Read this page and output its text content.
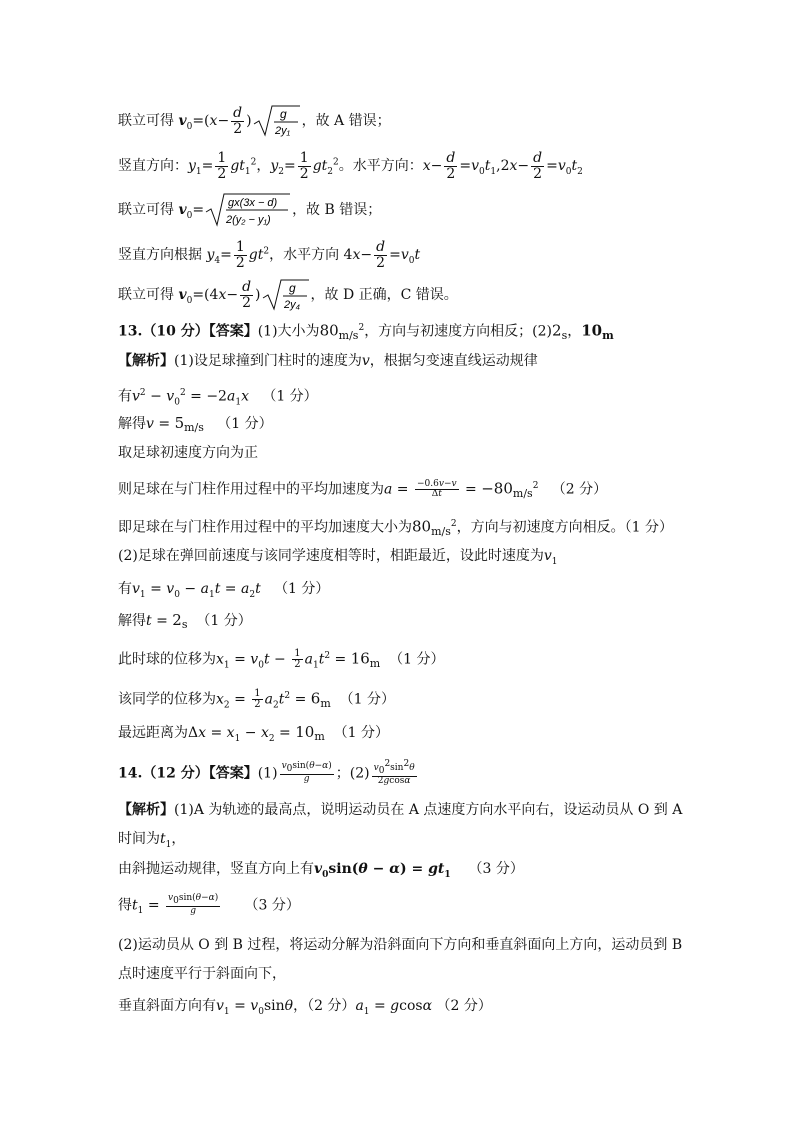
联立可得 $v_0=(x- \frac{d}{2}$ ) g
2y₁
，故 A 错误；
竖直方向：$y_1= \frac{1}{2} gt_1^2$，$y_2= \frac{1}{2} gt_2^2$。水平方向：$x- \frac{d}{2} =v_0t_1,2x- \frac{d}{2} =v_0t_2$
联立可得 $v_0= gx(3x - d)$
2(y₂ − y₁)
，故 B 错误；
竖直方向根据 $y_4= \frac{1}{2} gt^2$，水平方向 $4x- \frac{d}{2} =v_0t$
联立可得 $v_0=(4x- \frac{d}{2}$ ) g
2y₄
，故 D 正确，C 错误。
13.（10 分）【答案】(1)大小为$80_{m/s}^2$，方向与初速度方向相反；$(2)2_s$，$10_m$
【解析】(1)设足球撞到门柱时的速度为v，根据匀变速直线运动规律
有$v^2 - v_0^2 = -2a_1x$ （1 分）
解得$v = 5_{m/s}$ （1 分）
取足球初速度方向为正
则足球在与门柱作用过程中的平均加速度为$a = \frac{-0.6v-v}{\Delta t} = -80_{m/s}^2$ （2 分）
即足球在与门柱作用过程中的平均加速度大小为$80_{m/s}^2$，方向与初速度方向相反。（1 分）
(2)足球在弹回前速度与该同学速度相等时，相距最近，设此时速度为$v_1$
有$v_1 = v_0 - a_1t = a_2t$ （1 分）
解得$t = 2_s$ （1 分）
此时球的位移为$x_1 = v_0t - \frac{1}{2} a_1t^2 = 16_m$ （1 分）
该同学的位移为$x_2 = \frac{1}{2} a_2t^2 = 6_m$ （1 分）
最远距离为$\Delta x = x_1 - x_2 = 10_m$ （1 分）
14.（12 分）【答案】$(1) \frac{v_0\sin(\theta-\alpha)}{g}$ ；$(2) \frac{v_0^2\sin^2\theta}{2gcos\alpha}$
【解析】(1)A 为轨迹的最高点，说明运动员在 A 点速度方向水平向右，设运动员从 O 到 A
时间为$t_1$，
由斜抛运动规律，竖直方向上有$v_0\sin(\theta - \alpha) = gt_1$ （3 分）
得$t_1 = \frac{v_0\sin(\theta-\alpha)}{g} (3$ 分）
(2)运动员从 O 到 B 过程，将运动分解为沿斜面向下方向和垂直斜面向上方向，运动员到 B
点时速度平行于斜面向下，
垂直斜面方向有$v_1 = v_0\sin\theta$，（2 分）$a_1 = gcos\alpha$ （2 分）
